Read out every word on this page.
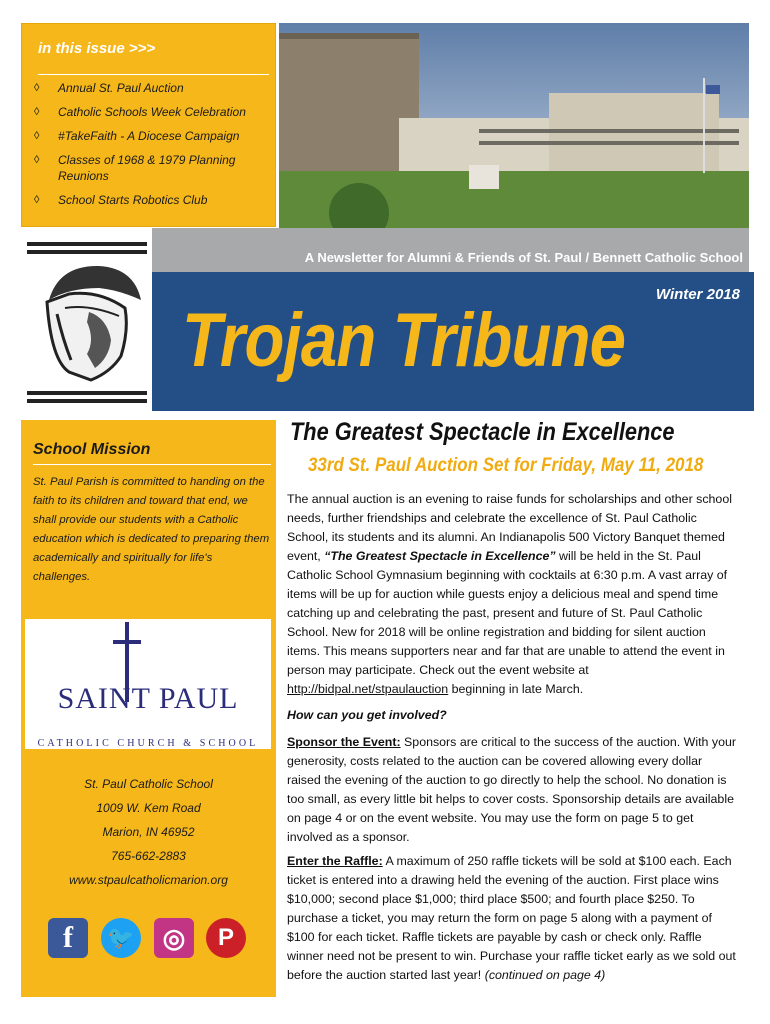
in this issue >>>
◊ Annual St. Paul Auction
◊ Catholic Schools Week Celebration
◊ #TakeFaith - A Diocese Campaign
◊ Classes of 1968 & 1979 Planning Reunions
◊ School Starts Robotics Club
A Newsletter for Alumni & Friends of St. Paul / Bennett Catholic School
Winter 2018
Trojan Tribune
School Mission
St. Paul Parish is committed to handing on the faith to its children and toward that end, we shall provide our students with a Catholic education which is dedicated to preparing them academically and spiritually for life's challenges.
SAINT PAUL
CATHOLIC CHURCH & SCHOOL
St. Paul Catholic School
1009 W. Kem Road
Marion, IN 46952
765-662-2883
www.stpaulcatholicmarion.org
f	🐦	◎	P
The Greatest Spectacle in Excellence
33rd St. Paul Auction Set for Friday, May 11, 2018

The annual auction is an evening to raise funds for scholarships and other school needs, further friendships and celebrate the excellence of St. Paul Catholic School, its students and its alumni. An Indianapolis 500 Victory Banquet themed event, “The Greatest Spectacle in Excellence” will be held in the St. Paul Catholic School Gymnasium beginning with cocktails at 6:30 p.m. A vast array of items will be up for auction while guests enjoy a delicious meal and spend time catching up and celebrating the past, present and future of St. Paul Catholic School. New for 2018 will be online registration and bidding for silent auction items. This means supporters near and far that are unable to attend the event in person may participate. Check out the event website at http://bidpal.net/stpaulauction beginning in late March.

How can you get involved?

Sponsor the Event: Sponsors are critical to the success of the auction. With your generosity, costs related to the auction can be covered allowing every dollar raised the evening of the auction to go directly to help the school. No donation is too small, as every little bit helps to cover costs. Sponsorship details are available on page 4 or on the event website. You may use the form on page 5 to get involved as a sponsor.

Enter the Raffle: A maximum of 250 raffle tickets will be sold at $100 each. Each ticket is entered into a drawing held the evening of the auction. First place wins $10,000; second place $1,000; third place $500; and fourth place $250. To purchase a ticket, you may return the form on page 5 along with a payment of $100 for each ticket. Raffle tickets are payable by cash or check only. Raffle winner need not be present to win. Purchase your raffle ticket early as we sold out before the auction started last year! (continued on page 4)
